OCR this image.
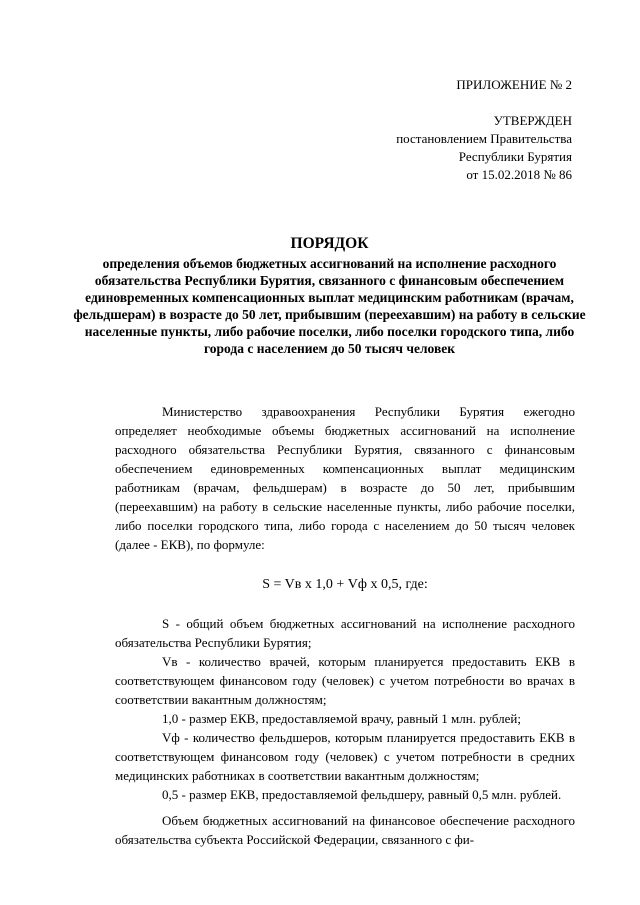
ПРИЛОЖЕНИЕ № 2
УТВЕРЖДЕН
постановлением Правительства
Республики Бурятия
от 15.02.2018 № 86
ПОРЯДОК
определения объемов бюджетных ассигнований на исполнение расходного обязательства Республики Бурятия, связанного с финансовым обеспечением единовременных компенсационных выплат медицинским работникам (врачам, фельдшерам) в возрасте до 50 лет, прибывшим (переехавшим) на работу в сельские населенные пункты, либо рабочие поселки, либо поселки городского типа, либо города с населением до 50 тысяч человек

Министерство здравоохранения Республики Бурятия ежегодно определяет необходимые объемы бюджетных ассигнований на исполнение расходного обязательства Республики Бурятия, связанного с финансовым обеспечением единовременных компенсационных выплат медицинским работникам (врачам, фельдшерам) в возрасте до 50 лет, прибывшим (переехавшим) на работу в сельские населенные пункты, либо рабочие поселки, либо поселки городского типа, либо города с населением до 50 тысяч человек (далее - ЕКВ), по формуле:

S = Vв х 1,0 + Vф х 0,5, где:

S - общий объем бюджетных ассигнований на исполнение расходного обязательства Республики Бурятия;

Vв - количество врачей, которым планируется предоставить ЕКВ в соответствующем финансовом году (человек) с учетом потребности во врачах в соответствии вакантным должностям;

1,0 - размер ЕКВ, предоставляемой врачу, равный 1 млн. рублей;

Vф - количество фельдшеров, которым планируется предоставить ЕКВ в соответствующем финансовом году (человек) с учетом потребности в средних медицинских работниках в соответствии вакантным должностям;

0,5 - размер ЕКВ, предоставляемой фельдшеру, равный 0,5 млн. рублей.

Объем бюджетных ассигнований на финансовое обеспечение расходного обязательства субъекта Российской Федерации, связанного с фи-
